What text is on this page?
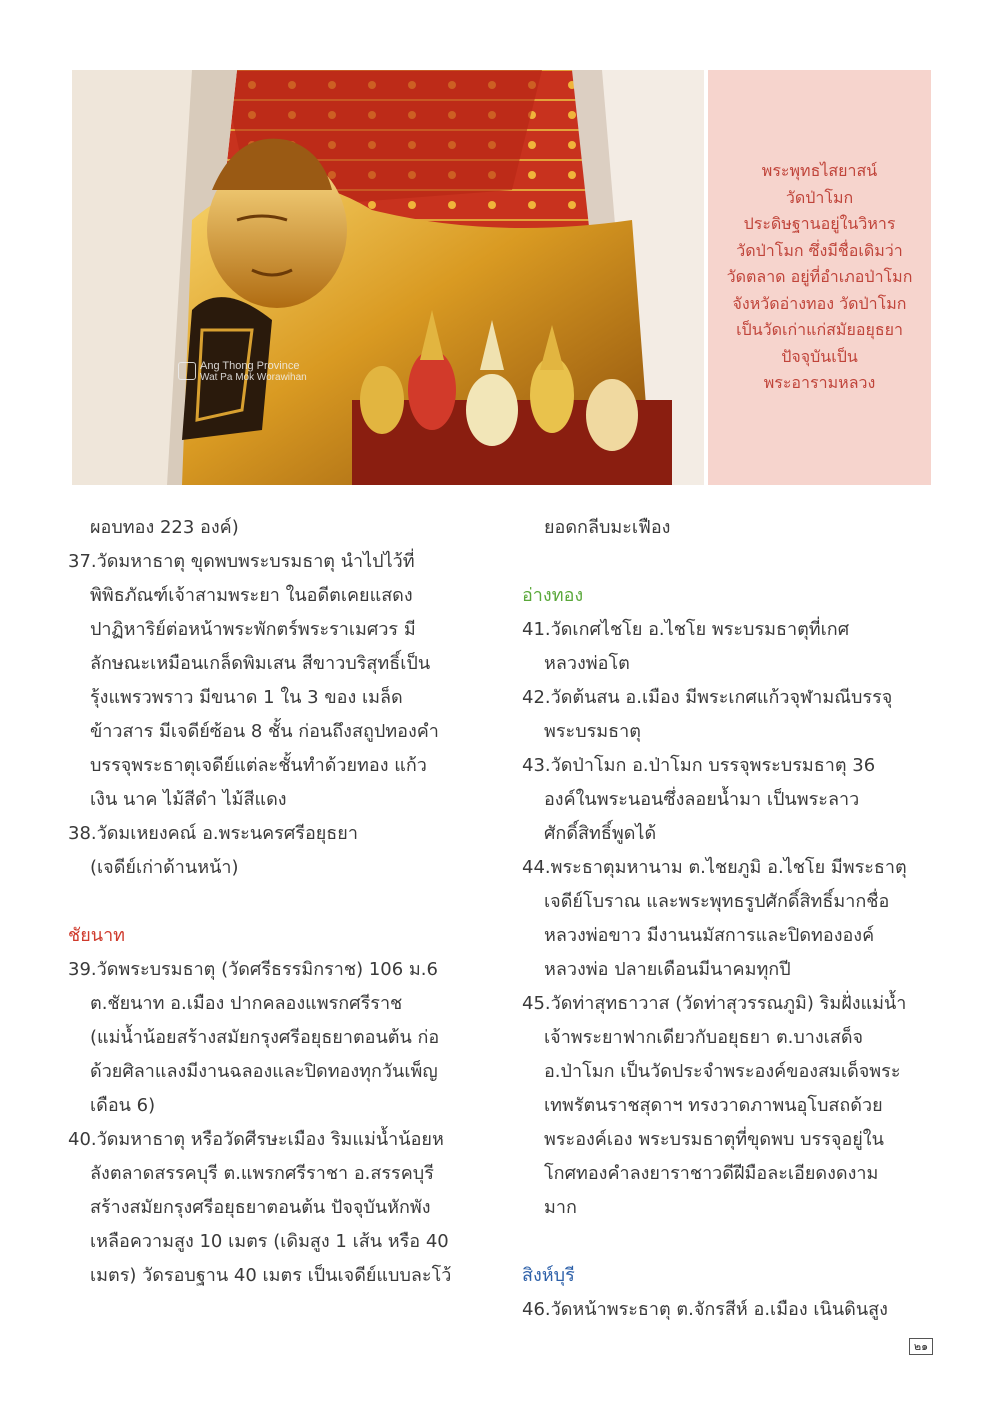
Ang Thong Province
Wat Pa Mok Worawihan
พระพุทธไสยาสน์
วัดป่าโมก
ประดิษฐานอยู่ในวิหาร
วัดป่าโมก ซึ่งมีชื่อเดิมว่า
วัดตลาด อยู่ที่อำเภอป่าโมก
จังหวัดอ่างทอง วัดป่าโมก
เป็นวัดเก่าแก่สมัยอยุธยา
ปัจจุบันเป็น
พระอารามหลวง
ผอบทอง 223 องค์)
37.วัดมหาธาตุ ขุดพบพระบรมธาตุ นำไปไว้ที่
พิพิธภัณฑ์เจ้าสามพระยา ในอดีตเคยแสดง
ปาฏิหาริย์ต่อหน้าพระพักตร์พระราเมศวร มี
ลักษณะเหมือนเกล็ดพิมเสน สีขาวบริสุทธิ์เป็น
รุ้งแพรวพราว มีขนาด 1 ใน 3 ของ เมล็ด
ข้าวสาร มีเจดีย์ซ้อน 8 ชั้น ก่อนถึงสถูปทองคำ
บรรจุพระธาตุเจดีย์แต่ละชั้นทำด้วยทอง แก้ว
เงิน นาค ไม้สีดำ ไม้สีแดง
38.วัดมเหยงคณ์ อ.พระนครศรีอยุธยา
(เจดีย์เก่าด้านหน้า)
ชัยนาท
39.วัดพระบรมธาตุ (วัดศรีธรรมิกราช) 106 ม.6
ต.ชัยนาท อ.เมือง ปากคลองแพรกศรีราช
(แม่น้ำน้อยสร้างสมัยกรุงศรีอยุธยาตอนต้น ก่อ
ด้วยศิลาแลงมีงานฉลองและปิดทองทุกวันเพ็ญ
เดือน 6)
40.วัดมหาธาตุ หรือวัดศีรษะเมือง ริมแม่น้ำน้อยห
ลังตลาดสรรคบุรี ต.แพรกศรีราชา อ.สรรคบุรี
สร้างสมัยกรุงศรีอยุธยาตอนต้น ปัจจุบันหักพัง
เหลือความสูง 10 เมตร (เดิมสูง 1 เส้น หรือ 40
เมตร) วัดรอบฐาน 40 เมตร เป็นเจดีย์แบบละโว้
ยอดกลีบมะเฟือง
อ่างทอง
41.วัดเกศไชโย อ.ไชโย พระบรมธาตุที่เกศ
หลวงพ่อโต
42.วัดต้นสน อ.เมือง มีพระเกศแก้วจุฬามณีบรรจุ
พระบรมธาตุ
43.วัดป่าโมก อ.ป่าโมก บรรจุพระบรมธาตุ 36
องค์ในพระนอนซึ่งลอยน้ำมา เป็นพระลาว
ศักดิ์สิทธิ์พูดได้
44.พระธาตุมหานาม ต.ไชยภูมิ อ.ไชโย มีพระธาตุ
เจดีย์โบราณ และพระพุทธรูปศักดิ์สิทธิ์มากชื่อ
หลวงพ่อขาว มีงานนมัสการและปิดทององค์
หลวงพ่อ ปลายเดือนมีนาคมทุกปี
45.วัดท่าสุทธาวาส (วัดท่าสุวรรณภูมิ) ริมฝั่งแม่น้ำ
เจ้าพระยาฟากเดียวกับอยุธยา ต.บางเสด็จ
อ.ป่าโมก เป็นวัดประจำพระองค์ของสมเด็จพระ
เทพรัตนราชสุดาฯ ทรงวาดภาพนอุโบสถด้วย
พระองค์เอง พระบรมธาตุที่ขุดพบ บรรจุอยู่ใน
โกศทองคำลงยาราชาวดีฝีมือละเอียดงดงาม
มาก
สิงห์บุรี
46.วัดหน้าพระธาตุ ต.จักรสีห์ อ.เมือง เนินดินสูง
๒๑
